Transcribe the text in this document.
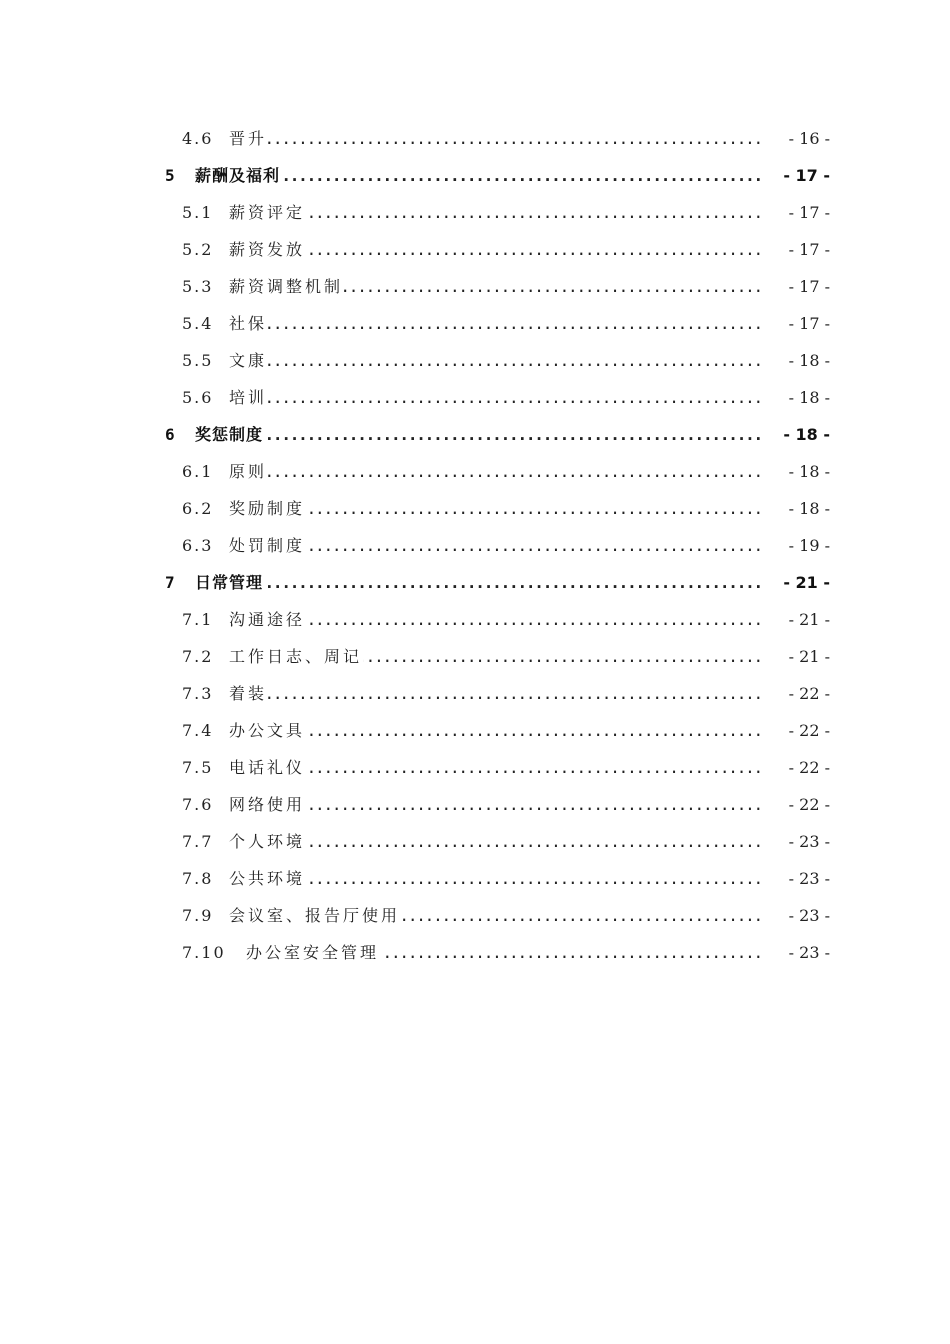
.....
4.6 晋升	- 16 -
.....
5 薪酬及福利	- 17 -
.....
5.1 薪资评定	- 17 -
.....
5.2 薪资发放	- 17 -
.....
5.3 薪资调整机制	- 17 -
.....
5.4 社保	- 17 -
.....
5.5 文康	- 18 -
.....
5.6 培训	- 18 -
.....
6 奖惩制度	- 18 -
.....
6.1 原则	- 18 -
.....
6.2 奖励制度	- 18 -
.....
6.3 处罚制度	- 19 -
.....
7 日常管理	- 21 -
.....
7.1 沟通途径	- 21 -
.....
7.2 工作日志、周记	- 21 -
.....
7.3 着装	- 22 -
.....
7.4 办公文具	- 22 -
.....
7.5 电话礼仪	- 22 -
.....
7.6 网络使用	- 22 -
.....
7.7 个人环境	- 23 -
.....
7.8 公共环境	- 23 -
.....
7.9 会议室、报告厅使用	- 23 -
.....
7.10 办公室安全管理	- 23 -
